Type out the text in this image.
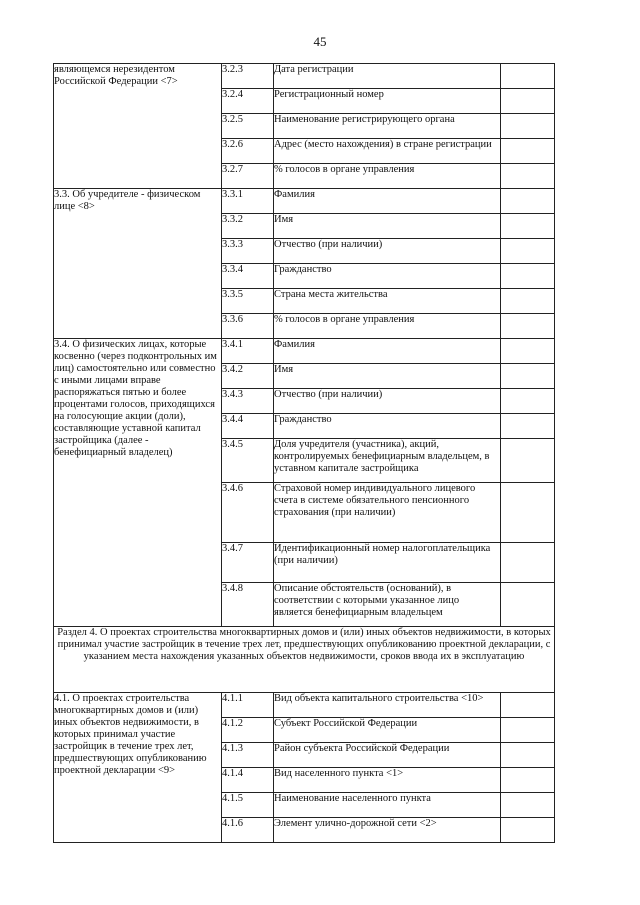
45
являющемся нерезидентом Российской Федерации <7>	3.2.3	Дата регистрации	
	3.2.4	Регистрационный номер	
	3.2.5	Наименование регистрирующего органа	
	3.2.6	Адрес (место нахождения) в стране регистрации	
	3.2.7	% голосов в органе управления	
3.3. Об учредителе - физическом лице <8>	3.3.1	Фамилия	
	3.3.2	Имя	
	3.3.3	Отчество (при наличии)	
	3.3.4	Гражданство	
	3.3.5	Страна места жительства	
	3.3.6	% голосов в органе управления	
3.4. О физических лицах, которые косвенно (через подконтрольных им лиц) самостоятельно или совместно с иными лицами вправе распоряжаться пятью и более процентами голосов, приходящихся на голосующие акции (доли), составляющие уставной капитал застройщика (далее - бенефициарный владелец)	3.4.1	Фамилия	
	3.4.2	Имя	
	3.4.3	Отчество (при наличии)	
	3.4.4	Гражданство	
	3.4.5	Доля учредителя (участника), акций, контролируемых бенефициарным владельцем, в уставном капитале застройщика	
	3.4.6	Страховой номер индивидуального лицевого счета в системе обязательного пенсионного страхования (при наличии)	
	3.4.7	Идентификационный номер налогоплательщика (при наличии)	
	3.4.8	Описание обстоятельств (оснований), в соответствии с которыми указанное лицо является бенефициарным владельцем	
Раздел 4. О проектах строительства многоквартирных домов и (или) иных объектов недвижимости, в которых принимал участие застройщик в течение трех лет, предшествующих опубликованию проектной декларации, с указанием места нахождения указанных объектов недвижимости, сроков ввода их в эксплуатацию			
4.1. О проектах строительства многоквартирных домов и (или) иных объектов недвижимости, в которых принимал участие застройщик в течение трех лет, предшествующих опубликованию проектной декларации <9>	4.1.1	Вид объекта капитального строительства <10>	
	4.1.2	Субъект Российской Федерации	
	4.1.3	Район субъекта Российской Федерации	
	4.1.4	Вид населенного пункта <1>	
	4.1.5	Наименование населенного пункта	
	4.1.6	Элемент улично-дорожной сети <2>	
